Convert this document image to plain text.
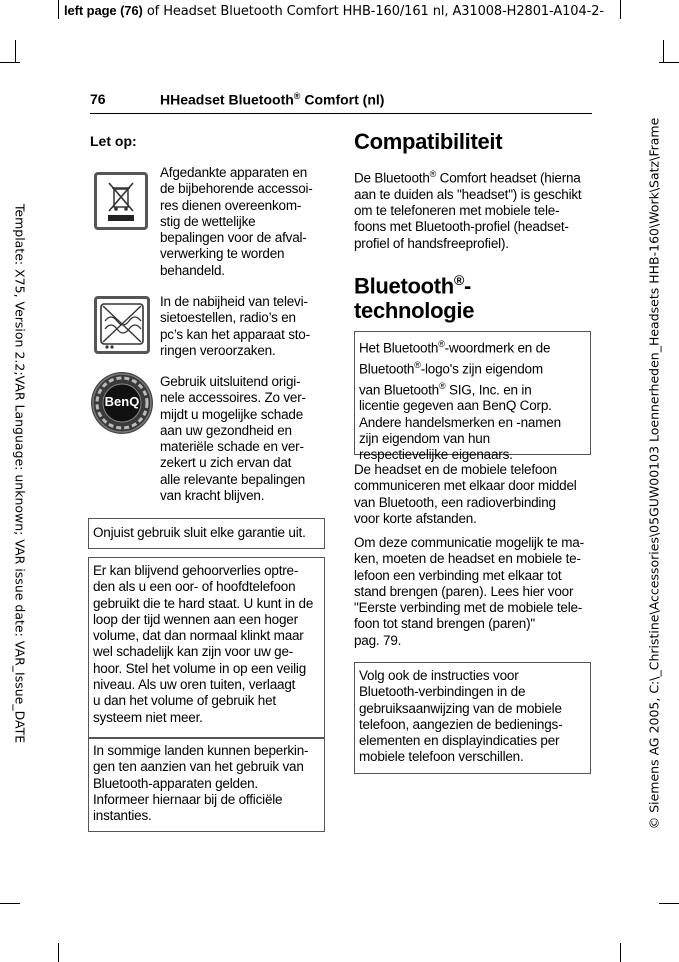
left page (76) of Headset Bluetooth Comfort HHB-160/161 nl, A31008-H2801-A104-2-
Template: X75, Version 2.2;VAR Language: unknown; VAR issue date: VAR_Issue_DATE	© Siemens AG 2005, C:\_Christine\Accessories\05GUW00103 Loennerheden_Headsets HHB-160\Work\Satz\Frame
76	HHeadset Bluetooth® Comfort (nl)
Let op:
Afgedankte apparaten en
de bijbehorende accessoi-
res dienen overeenkom-
stig de wettelijke
bepalingen voor de afval-
verwerking te worden
behandeld.
In de nabijheid van televi-
sietoestellen, radio’s en
pc’s kan het apparaat sto-
ringen veroorzaken.
BenQ
Gebruik uitsluitend origi-
nele accessoires. Zo ver-
mijdt u mogelijke schade
aan uw gezondheid en
materiële schade en ver-
zekert u zich ervan dat
alle relevante bepalingen
van kracht blijven.
Onjuist gebruik sluit elke garantie uit.
Er kan blijvend gehoorverlies optre-
den als u een oor- of hoofdtelefoon
gebruikt die te hard staat. U kunt in de
loop der tijd wennen aan een hoger
volume, dat dan normaal klinkt maar
wel schadelijk kan zijn voor uw ge-
hoor. Stel het volume in op een veilig
niveau. Als uw oren tuiten, verlaagt
u dan het volume of gebruik het
systeem niet meer.
In sommige landen kunnen beperkin-
gen ten aanzien van het gebruik van
Bluetooth-apparaten gelden.
Informeer hiernaar bij de officiële
instanties.
Compatibiliteit
De Bluetooth® Comfort headset (hierna
aan te duiden als "headset") is geschikt
om te telefoneren met mobiele tele-
foons met Bluetooth-profiel (headset-
profiel of handsfreeprofiel).
Bluetooth®-
technologie
Het Bluetooth®-woordmerk en de
Bluetooth®-logo's zijn eigendom
van Bluetooth® SIG, Inc. en in
licentie gegeven aan BenQ Corp.
Andere handelsmerken en -namen
zijn eigendom van hun
respectievelijke eigenaars.
De headset en de mobiele telefoon
communiceren met elkaar door middel
van Bluetooth, een radioverbinding
voor korte afstanden.
Om deze communicatie mogelijk te ma-
ken, moeten de headset en mobiele te-
lefoon een verbinding met elkaar tot
stand brengen (paren). Lees hier voor
"Eerste verbinding met de mobiele tele-
foon tot stand brengen (paren)"
pag. 79.
Volg ook de instructies voor
Bluetooth-verbindingen in de
gebruiksaanwijzing van de mobiele
telefoon, aangezien de bedienings-
elementen en displayindicaties per
mobiele telefoon verschillen.
